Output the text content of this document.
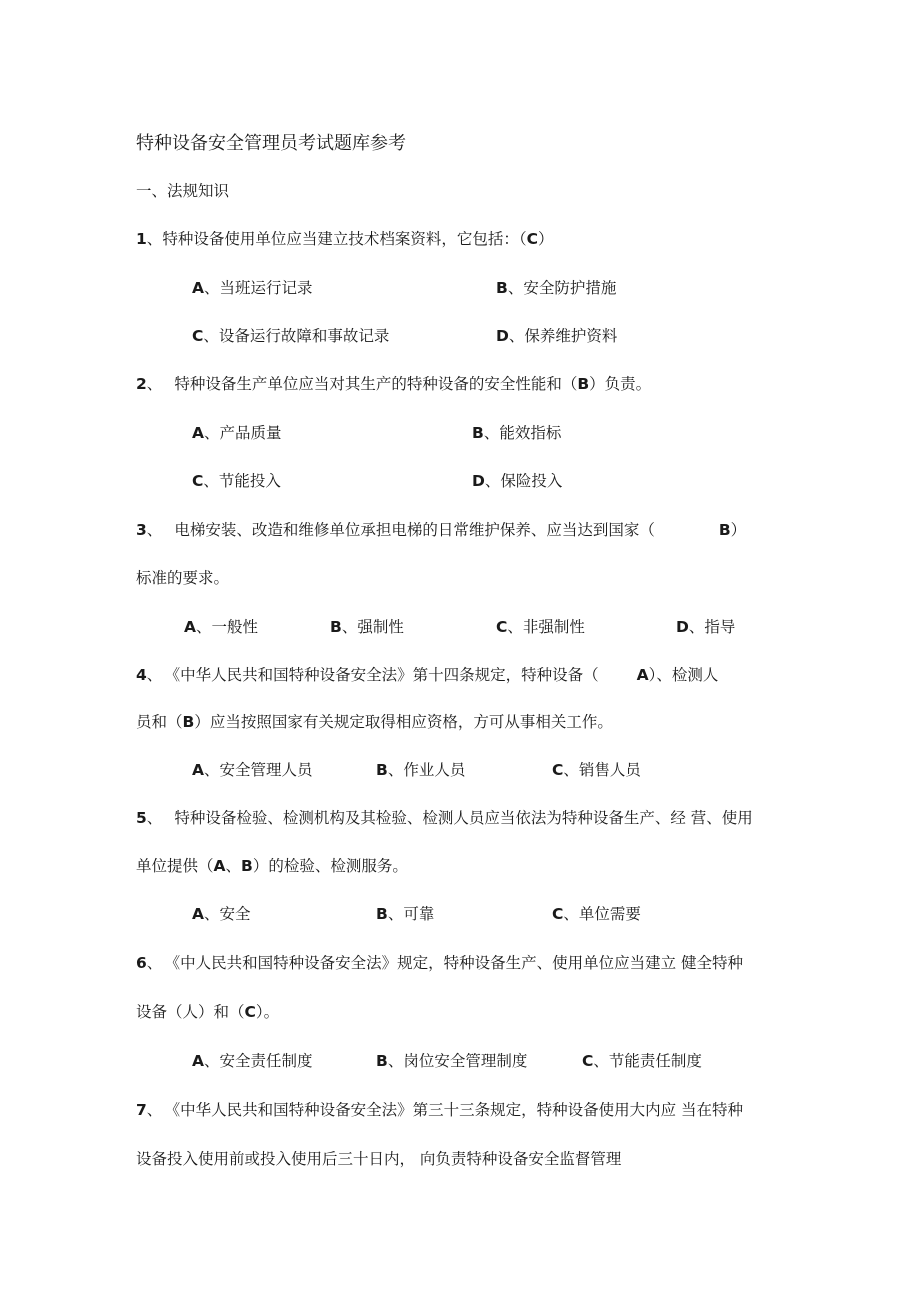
特种设备安全管理员考试题库参考
一、法规知识
1、特种设备使用单位应当建立技术档案资料，它包括：（C）
A、当班运行记录	B、安全防护措施
C、设备运行故障和事故记录	D、保养维护资料
2、 特种设备生产单位应当对其生产的特种设备的安全性能和（B）负责。
A、产品质量	B、能效指标
C、节能投入	D、保险投入
3、 电梯安装、改造和维修单位承担电梯的日常维护保养、应当达到国家（	B）
标准的要求。
A、一般性	B、强制性	C、非强制性	D、指导
4、 《中华人民共和国特种设备安全法》第十四条规定，特种设备（ A）、检测人
员和（B）应当按照国家有关规定取得相应资格，方可从事相关工作。
A、安全管理人员	B、作业人员	C、销售人员
5、 特种设备检验、检测机构及其检验、检测人员应当依法为特种设备生产、经 营、使用
单位提供（A、B）的检验、检测服务。
A、安全	B、可靠	C、单位需要
6、 《中人民共和国特种设备安全法》规定，特种设备生产、使用单位应当建立 健全特种
设备（人）和（C）。
A、安全责任制度	B、岗位安全管理制度	C、节能责任制度
7、 《中华人民共和国特种设备安全法》第三十三条规定，特种设备使用大内应 当在特种
设备投入使用前或投入使用后三十日内， 向负责特种设备安全监督管理
